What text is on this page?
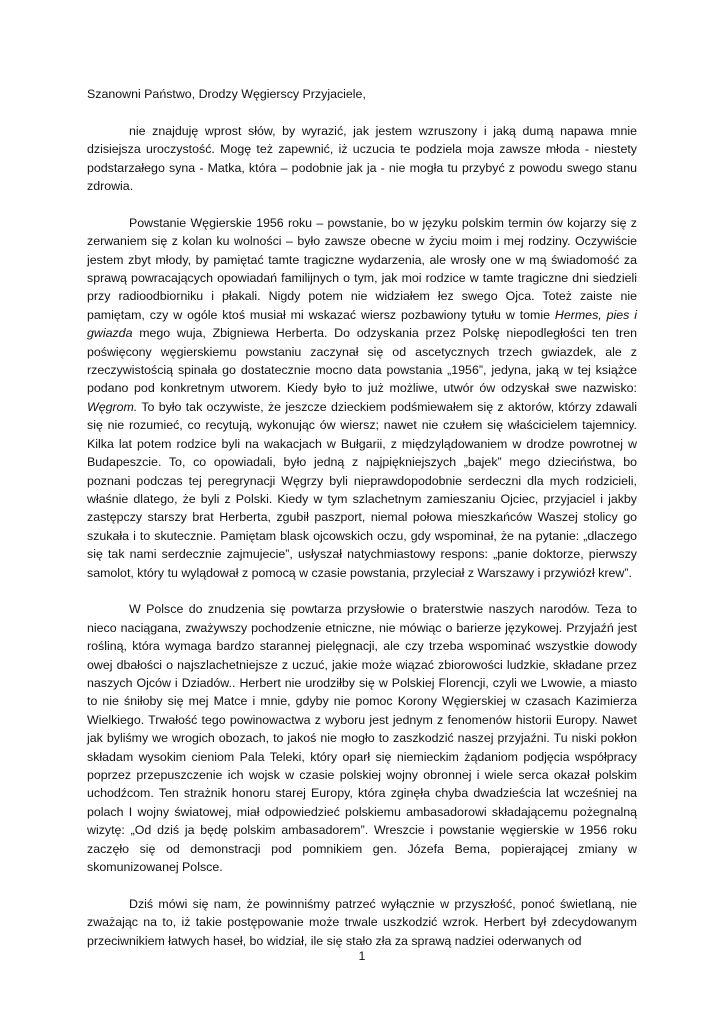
Szanowni Państwo, Drodzy Węgierscy Przyjaciele,

nie znajduję wprost słów, by wyrazić, jak jestem wzruszony i jaką dumą napawa mnie dzisiejsza uroczystość. Mogę też zapewnić, iż uczucia te podziela moja zawsze młoda - niestety podstarzałego syna - Matka, która – podobnie jak ja - nie mogła tu przybyć z powodu swego stanu zdrowia.

Powstanie Węgierskie 1956 roku – powstanie, bo w języku polskim termin ów kojarzy się z zerwaniem się z kolan ku wolności – było zawsze obecne w życiu moim i mej rodziny. Oczywiście jestem zbyt młody, by pamiętać tamte tragiczne wydarzenia, ale wrosły one w mą świadomość za sprawą powracających opowiadań familijnych o tym, jak moi rodzice w tamte tragiczne dni siedzieli przy radioodbiorniku i płakali. Nigdy potem nie widziałem łez swego Ojca. Toteż zaiste nie pamiętam, czy w ogóle ktoś musiał mi wskazać wiersz pozbawiony tytułu w tomie Hermes, pies i gwiazda mego wuja, Zbigniewa Herberta. Do odzyskania przez Polskę niepodległości ten tren poświęcony węgierskiemu powstaniu zaczynał się od ascetycznych trzech gwiazdek, ale z rzeczywistością spinała go dostatecznie mocno data powstania „1956”, jedyna, jaką w tej książce podano pod konkretnym utworem. Kiedy było to już możliwe, utwór ów odzyskał swe nazwisko: Węgrom. To było tak oczywiste, że jeszcze dzieckiem podśmiewałem się z aktorów, którzy zdawali się nie rozumieć, co recytują, wykonując ów wiersz; nawet nie czułem się właścicielem tajemnicy. Kilka lat potem rodzice byli na wakacjach w Bułgarii, z międzylądowaniem w drodze powrotnej w Budapeszcie. To, co opowiadali, było jedną z najpiękniejszych „bajek” mego dzieciństwa, bo poznani podczas tej peregrynacji Węgrzy byli nieprawdopodobnie serdeczni dla mych rodzicieli, właśnie dlatego, że byli z Polski. Kiedy w tym szlachetnym zamieszaniu Ojciec, przyjaciel i jakby zastępczy starszy brat Herberta, zgubił paszport, niemal połowa mieszkańców Waszej stolicy go szukała i to skutecznie. Pamiętam blask ojcowskich oczu, gdy wspominał, że na pytanie: „dlaczego się tak nami serdecznie zajmujecie”, usłyszał natychmiastowy respons: „panie doktorze, pierwszy samolot, który tu wylądował z pomocą w czasie powstania, przyleciał z Warszawy i przywiózł krew”.

W Polsce do znudzenia się powtarza przysłowie o braterstwie naszych narodów. Teza to nieco naciągana, zważywszy pochodzenie etniczne, nie mówiąc o barierze językowej. Przyjaźń jest rośliną, która wymaga bardzo starannej pielęgnacji, ale czy trzeba wspominać wszystkie dowody owej dbałości o najszlachetniejsze z uczuć, jakie może wiązać zbiorowości ludzkie, składane przez naszych Ojców i Dziadów.. Herbert nie urodziłby się w Polskiej Florencji, czyli we Lwowie, a miasto to nie śniłoby się mej Matce i mnie, gdyby nie pomoc Korony Węgierskiej w czasach Kazimierza Wielkiego. Trwałość tego powinowactwa z wyboru jest jednym z fenomenów historii Europy. Nawet jak byliśmy we wrogich obozach, to jakoś nie mogło to zaszkodzić naszej przyjaźni. Tu niski pokłon składam wysokim cieniom Pala Teleki, który oparł się niemieckim żądaniom podjęcia współpracy poprzez przepuszczenie ich wojsk w czasie polskiej wojny obronnej i wiele serca okazał polskim uchodźcom. Ten strażnik honoru starej Europy, która zginęła chyba dwadzieścia lat wcześniej na polach I wojny światowej, miał odpowiedzieć polskiemu ambasadorowi składającemu pożegnalną wizytę: „Od dziś ja będę polskim ambasadorem”. Wreszcie i powstanie węgierskie w 1956 roku zaczęło się od demonstracji pod pomnikiem gen. Józefa Bema, popierającej zmiany w skomunizowanej Polsce.

Dziś mówi się nam, że powinniśmy patrzeć wyłącznie w przyszłość, ponoć świetlaną, nie zważając na to, iż takie postępowanie może trwale uszkodzić wzrok. Herbert był zdecydowanym przeciwnikiem łatwych haseł, bo widział, ile się stało zła za sprawą nadziei oderwanych od

1
